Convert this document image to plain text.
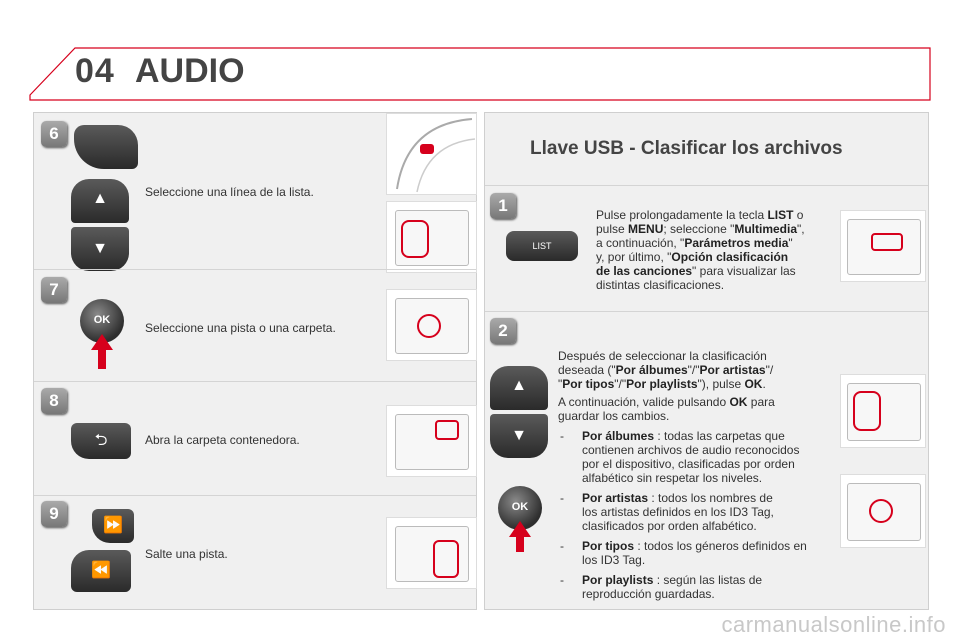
04 AUDIO
6
▲
▼
Seleccione una línea de la lista.
7
OK
Seleccione una pista o una carpeta.
8
⮌	Abra la carpeta contenedora.
9
⏩
⏪
Salte una pista.
Llave USB - Clasificar los archivos
1
LIST
Pulse prolongadamente la tecla LIST o
pulse MENU; seleccione "Multimedia",
a continuación, "Parámetros media"
y, por último, "Opción clasificación
de las canciones" para visualizar las
distintas clasificaciones.
2
▲
▼
OK
Después de seleccionar la clasificación
deseada ("Por álbumes"/"Por artistas"/
"Por tipos"/"Por playlists"), pulse OK.
A continuación, valide pulsando OK para
guardar los cambios.
- Por álbumes : todas las carpetas que
contienen archivos de audio reconocidos
por el dispositivo, clasificadas por orden
alfabético sin respetar los niveles.
- Por artistas : todos los nombres de
los artistas definidos en los ID3 Tag,
clasificados por orden alfabético.
- Por tipos : todos los géneros definidos en
los ID3 Tag.
- Por playlists : según las listas de
reproducción guardadas.
carmanualsonline.info
